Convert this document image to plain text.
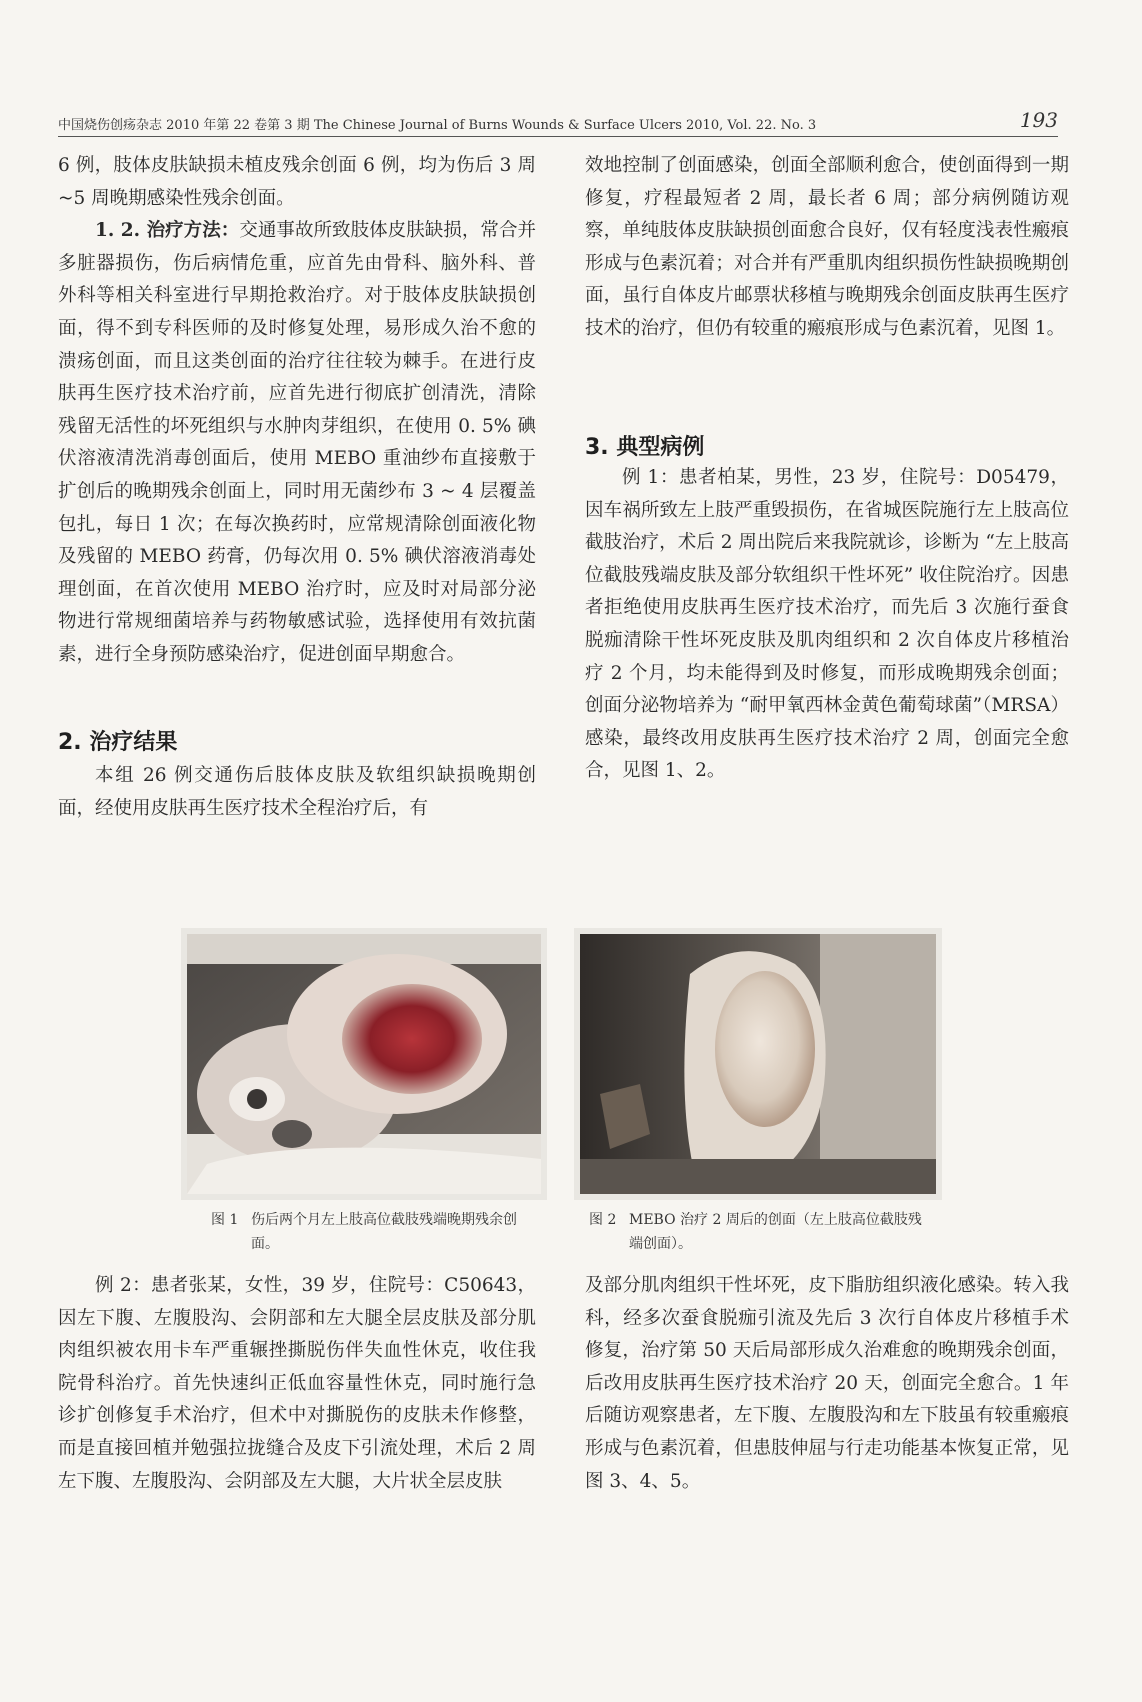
中国烧伤创疡杂志 2010 年第 22 卷第 3 期 The Chinese Journal of Burns Wounds & Surface Ulcers 2010, Vol. 22. No. 3	193

6 例，肢体皮肤缺损未植皮残余创面 6 例，均为伤后 3 周 ~5 周晚期感染性残余创面。

1. 2. 治疗方法：交通事故所致肢体皮肤缺损，常合并多脏器损伤，伤后病情危重，应首先由骨科、脑外科、普外科等相关科室进行早期抢救治疗。对于肢体皮肤缺损创面，得不到专科医师的及时修复处理，易形成久治不愈的溃疡创面，而且这类创面的治疗往往较为棘手。在进行皮肤再生医疗技术治疗前，应首先进行彻底扩创清洗，清除残留无活性的坏死组织与水肿肉芽组织，在使用 0. 5% 碘伏溶液清洗消毒创面后，使用 MEBO 重油纱布直接敷于扩创后的晚期残余创面上，同时用无菌纱布 3 ~ 4 层覆盖包扎，每日 1 次；在每次换药时，应常规清除创面液化物及残留的 MEBO 药膏，仍每次用 0. 5% 碘伏溶液消毒处理创面，在首次使用 MEBO 治疗时，应及时对局部分泌物进行常规细菌培养与药物敏感试验，选择使用有效抗菌素，进行全身预防感染治疗，促进创面早期愈合。

2. 治疗结果

本组 26 例交通伤后肢体皮肤及软组织缺损晚期创面，经使用皮肤再生医疗技术全程治疗后，有

效地控制了创面感染，创面全部顺利愈合，使创面得到一期修复，疗程最短者 2 周，最长者 6 周；部分病例随访观察，单纯肢体皮肤缺损创面愈合良好，仅有轻度浅表性瘢痕形成与色素沉着；对合并有严重肌肉组织损伤性缺损晚期创面，虽行自体皮片邮票状移植与晚期残余创面皮肤再生医疗技术的治疗，但仍有较重的瘢痕形成与色素沉着，见图 1。

3. 典型病例

例 1：患者柏某，男性，23 岁，住院号：D05479，因车祸所致左上肢严重毁损伤，在省城医院施行左上肢高位截肢治疗，术后 2 周出院后来我院就诊，诊断为 “左上肢高位截肢残端皮肤及部分软组织干性坏死” 收住院治疗。因患者拒绝使用皮肤再生医疗技术治疗，而先后 3 次施行蚕食脱痂清除干性坏死皮肤及肌肉组织和 2 次自体皮片移植治疗 2 个月，均未能得到及时修复，而形成晚期残余创面；创面分泌物培养为 “耐甲氧西林金黄色葡萄球菌”（MRSA）感染，最终改用皮肤再生医疗技术治疗 2 周，创面完全愈合，见图 1、2。

图 1 伤后两个月左上肢高位截肢残端晚期残余创面。
图 2 MEBO 治疗 2 周后的创面（左上肢高位截肢残端创面）。

例 2：患者张某，女性，39 岁，住院号：C50643，因左下腹、左腹股沟、会阴部和左大腿全层皮肤及部分肌肉组织被农用卡车严重辗挫撕脱伤伴失血性休克，收住我院骨科治疗。首先快速纠正低血容量性休克，同时施行急诊扩创修复手术治疗，但术中对撕脱伤的皮肤未作修整，而是直接回植并勉强拉拢缝合及皮下引流处理，术后 2 周左下腹、左腹股沟、会阴部及左大腿，大片状全层皮肤

及部分肌肉组织干性坏死，皮下脂肪组织液化感染。转入我科，经多次蚕食脱痂引流及先后 3 次行自体皮片移植手术修复，治疗第 50 天后局部形成久治难愈的晚期残余创面，后改用皮肤再生医疗技术治疗 20 天，创面完全愈合。1 年后随访观察患者，左下腹、左腹股沟和左下肢虽有较重瘢痕形成与色素沉着，但患肢伸屈与行走功能基本恢复正常，见图 3、4、5。
